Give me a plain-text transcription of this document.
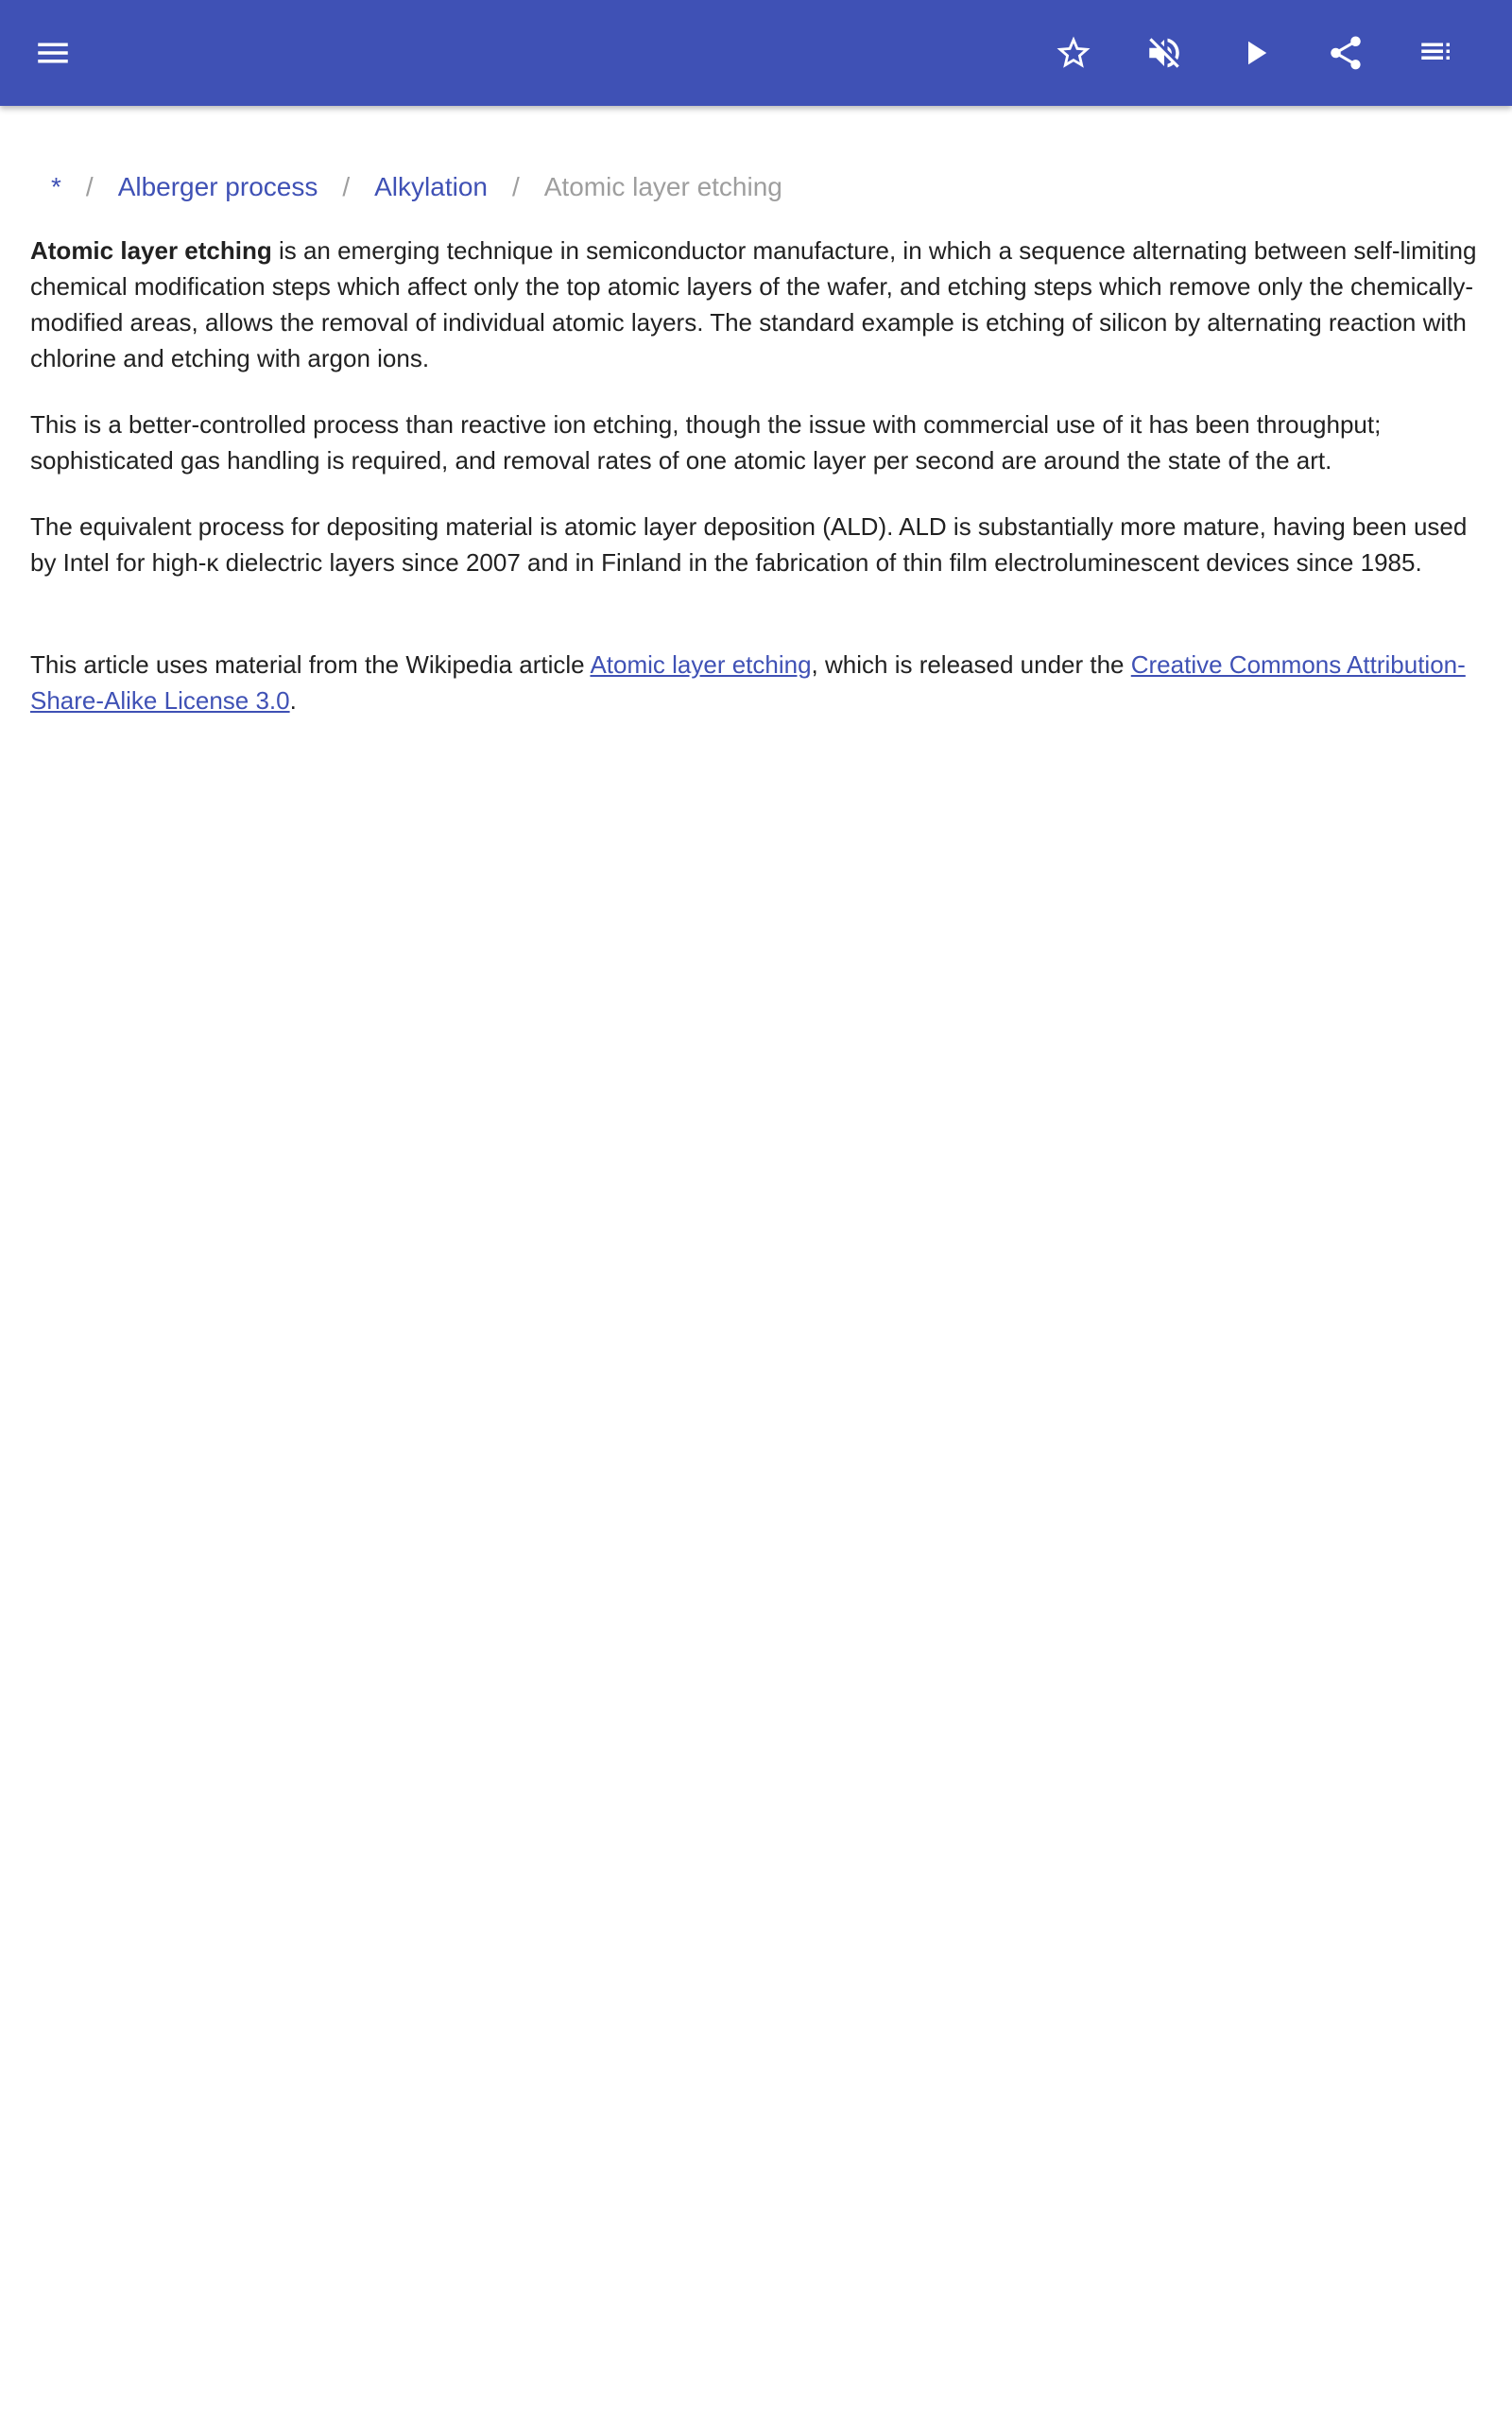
* / Alberger process / Alkylation / Atomic layer etching

Atomic layer etching is an emerging technique in semiconductor manufacture, in which a sequence alternating between self-limiting chemical modification steps which affect only the top atomic layers of the wafer, and etching steps which remove only the chemically-modified areas, allows the removal of individual atomic layers. The standard example is etching of silicon by alternating reaction with chlorine and etching with argon ions.

This is a better-controlled process than reactive ion etching, though the issue with commercial use of it has been throughput; sophisticated gas handling is required, and removal rates of one atomic layer per second are around the state of the art.

The equivalent process for depositing material is atomic layer deposition (ALD). ALD is substantially more mature, having been used by Intel for high-κ dielectric layers since 2007 and in Finland in the fabrication of thin film electroluminescent devices since 1985.

This article uses material from the Wikipedia article Atomic layer etching, which is released under the Creative Commons Attribution-Share-Alike License 3.0.
